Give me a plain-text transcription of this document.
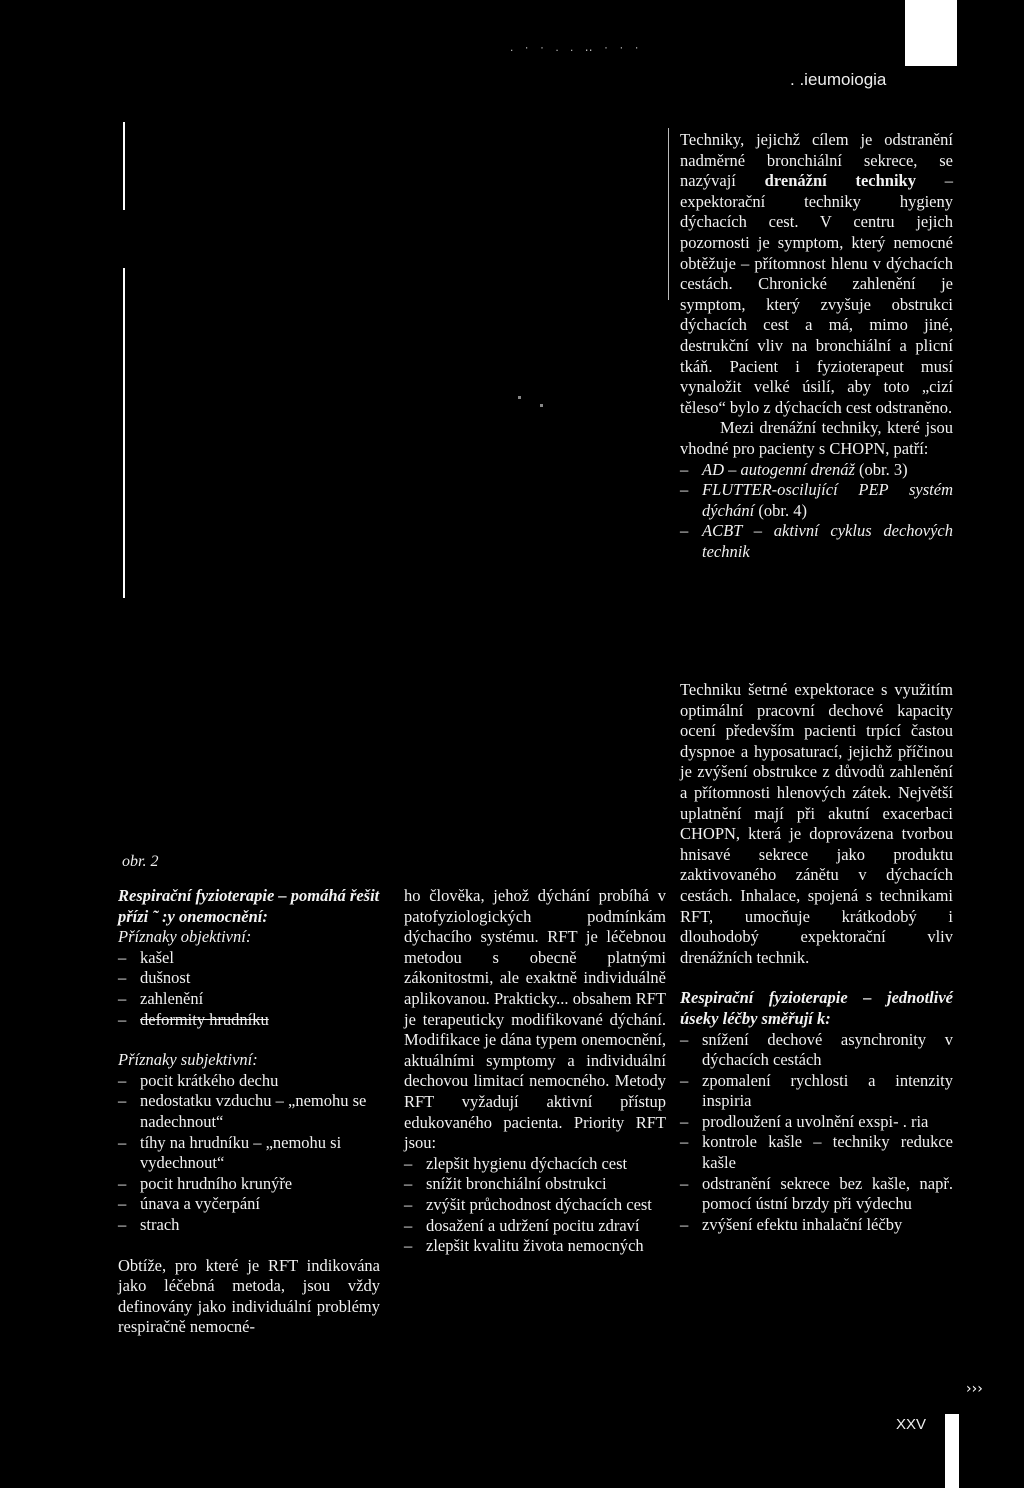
. · · . . ‥ · · ·
. .ieumoiogia

Techniky, jejichž cílem je odstranění nadměrné bronchiální sekrece, se nazývají drenážní techniky – expektorační techniky hygieny dýchacích cest. V centru jejich pozornosti je symptom, který nemocné obtěžuje – přítomnost hlenu v dýchacích cestách. Chronické zahlenění je symptom, který zvyšuje obstrukci dýchacích cest a má, mimo jiné, destrukční vliv na bronchiální a plicní tkáň. Pacient i fyzioterapeut musí vynaložit velké úsilí, aby toto „cizí těleso“ bylo z dýchacích cest odstraněno.

Mezi drenážní techniky, které jsou vhodné pro pacienty s CHOPN, patří:

– AD – autogenní drenáž (obr. 3)
– FLUTTER-oscilující PEP systém dýchání (obr. 4)
– ACBT – aktivní cyklus dechových technik

Techniku šetrné expektorace s využitím optimální pracovní dechové kapacity ocení především pacienti trpící častou dyspnoe a hyposaturací, jejichž příčinou je zvýšení obstrukce z důvodů zahlenění a přítomnosti hlenových zátek. Největší uplatnění mají při akutní exacerbaci CHOPN, která je doprovázena tvorbou hnisavé sekrece jako produktu zaktivovaného zánětu v dýchacích cestách. Inhalace, spojená s technikami RFT, umocňuje krátkodobý i dlouhodobý expektorační vliv drenážních technik.

Respirační fyzioterapie – jednotlivé úseky léčby směřují k:

– snížení dechové asynchronity v dýchacích cestách
– zpomalení rychlosti a intenzity inspiria
– prodloužení a uvolnění exspi- . ria
– kontrole kašle – techniky redukce kašle
– odstranění sekrece bez kašle, např. pomocí ústní brzdy při výdechu
– zvýšení efektu inhalační léčby
obr. 2

Respirační fyzioterapie – pomáhá řešit přízi ˜ :y onemocnění:

Příznaky objektivní:

– kašel
– dušnost
– zahlenění
– deformity hrudníku

Příznaky subjektivní:

– pocit krátkého dechu
– nedostatku vzduchu – „nemohu se nadechnout“
– tíhy na hrudníku – „nemohu si vydechnout“
– pocit hrudního krunýře
– únava a vyčerpání
– strach

Obtíže, pro které je RFT indikována jako léčebná metoda, jsou vždy definovány jako individuální problémy respiračně nemocné-

ho člověka, jehož dýchání probíhá v patofyziologických podmínkám dýchacího systému. RFT je léčebnou metodou s obecně platnými zákonitostmi, ale exaktně individuálně aplikovanou. Prakticky... obsahem RFT je terapeuticky modifikované dýchání. Modifikace je dána typem onemocnění, aktuálními symptomy a individuální dechovou limitací nemocného. Metody RFT vyžadují aktivní přístup edukovaného pacienta. Priority RFT jsou:

– zlepšit hygienu dýchacích cest
– snížit bronchiální obstrukci
– zvýšit průchodnost dýchacích cest
– dosažení a udržení pocitu zdraví
– zlepšit kvalitu života nemocných
›››
XXV
